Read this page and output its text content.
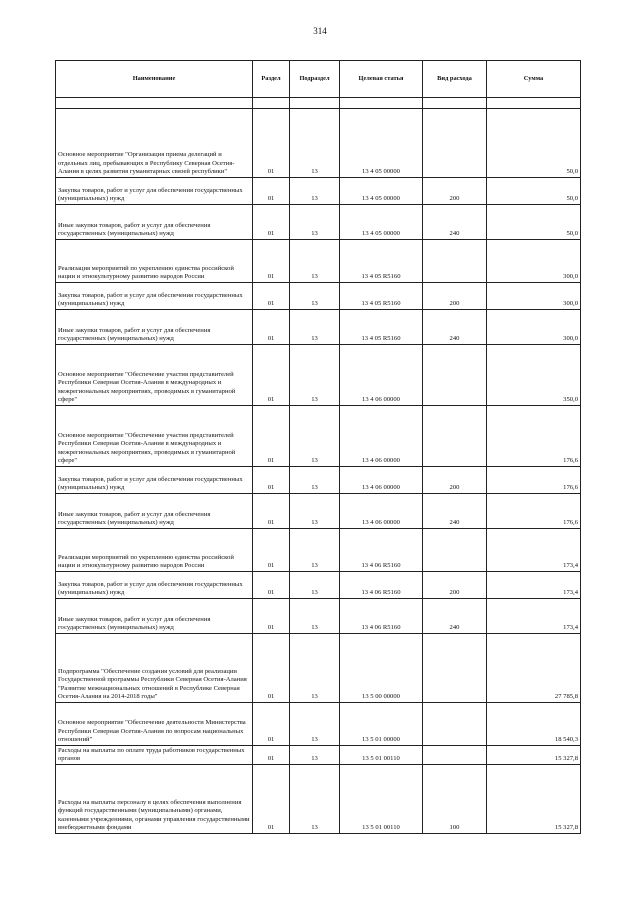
314
Наименование	Раздел	Подраздел	Целевая статья	Вид расхода	Сумма

Основное мероприятие "Организация приема делегаций и отдельных лиц, пребывающих в Республику Северная Осетия-Алания в целях развития гуманитарных связей республики"	01	13	13 4 05 00000		50,0
Закупка товаров, работ и услуг для обеспечения государственных (муниципальных) нужд	01	13	13 4 05 00000	200	50,0
Иные закупки товаров, работ и услуг для обеспечения государственных (муниципальных) нужд	01	13	13 4 05 00000	240	50,0
Реализация мероприятий по укреплению единства российской нации и этнокультурному развитию народов России	01	13	13 4 05 R5160		300,0
Закупка товаров, работ и услуг для обеспечения государственных (муниципальных) нужд	01	13	13 4 05 R5160	200	300,0
Иные закупки товаров, работ и услуг для обеспечения государственных (муниципальных) нужд	01	13	13 4 05 R5160	240	300,0
Основное мероприятие "Обеспечение участия представителей Республики Северная Осетия-Алания в международных и межрегиональных мероприятиях, проводимых в гуманитарной сфере"	01	13	13 4 06 00000		350,0
Основное мероприятие "Обеспечение участия представителей Республики Северная Осетия-Алания в международных и межрегиональных мероприятиях, проводимых в гуманитарной сфере"	01	13	13 4 06 00000		176,6
Закупка товаров, работ и услуг для обеспечения государственных (муниципальных) нужд	01	13	13 4 06 00000	200	176,6
Иные закупки товаров, работ и услуг для обеспечения государственных (муниципальных) нужд	01	13	13 4 06 00000	240	176,6
Реализация мероприятий по укреплению единства российской нации и этнокультурному развитию народов России	01	13	13 4 06 R5160		173,4
Закупка товаров, работ и услуг для обеспечения государственных (муниципальных) нужд	01	13	13 4 06 R5160	200	173,4
Иные закупки товаров, работ и услуг для обеспечения государственных (муниципальных) нужд	01	13	13 4 06 R5160	240	173,4
Подпрограмма "Обеспечение создания условий для реализации Государственной программы Республики Северная Осетия-Алания "Развитие межнациональных отношений в Республике Северная Осетия-Алания на 2014-2018 годы"	01	13	13 5 00 00000		27 785,8
Основное мероприятие "Обеспечение деятельности Министерства Республики Северная Осетия-Алания по вопросам национальных отношений"	01	13	13 5 01 00000		18 540,3
Расходы на выплаты по оплате труда работников государственных органов	01	13	13 5 01 00110		15 327,8
Расходы на выплаты персоналу в целях обеспечения выполнения функций государственными (муниципальными) органами, казенными учреждениями, органами управления государственными внебюджетными фондами	01	13	13 5 01 00110	100	15 327,8
